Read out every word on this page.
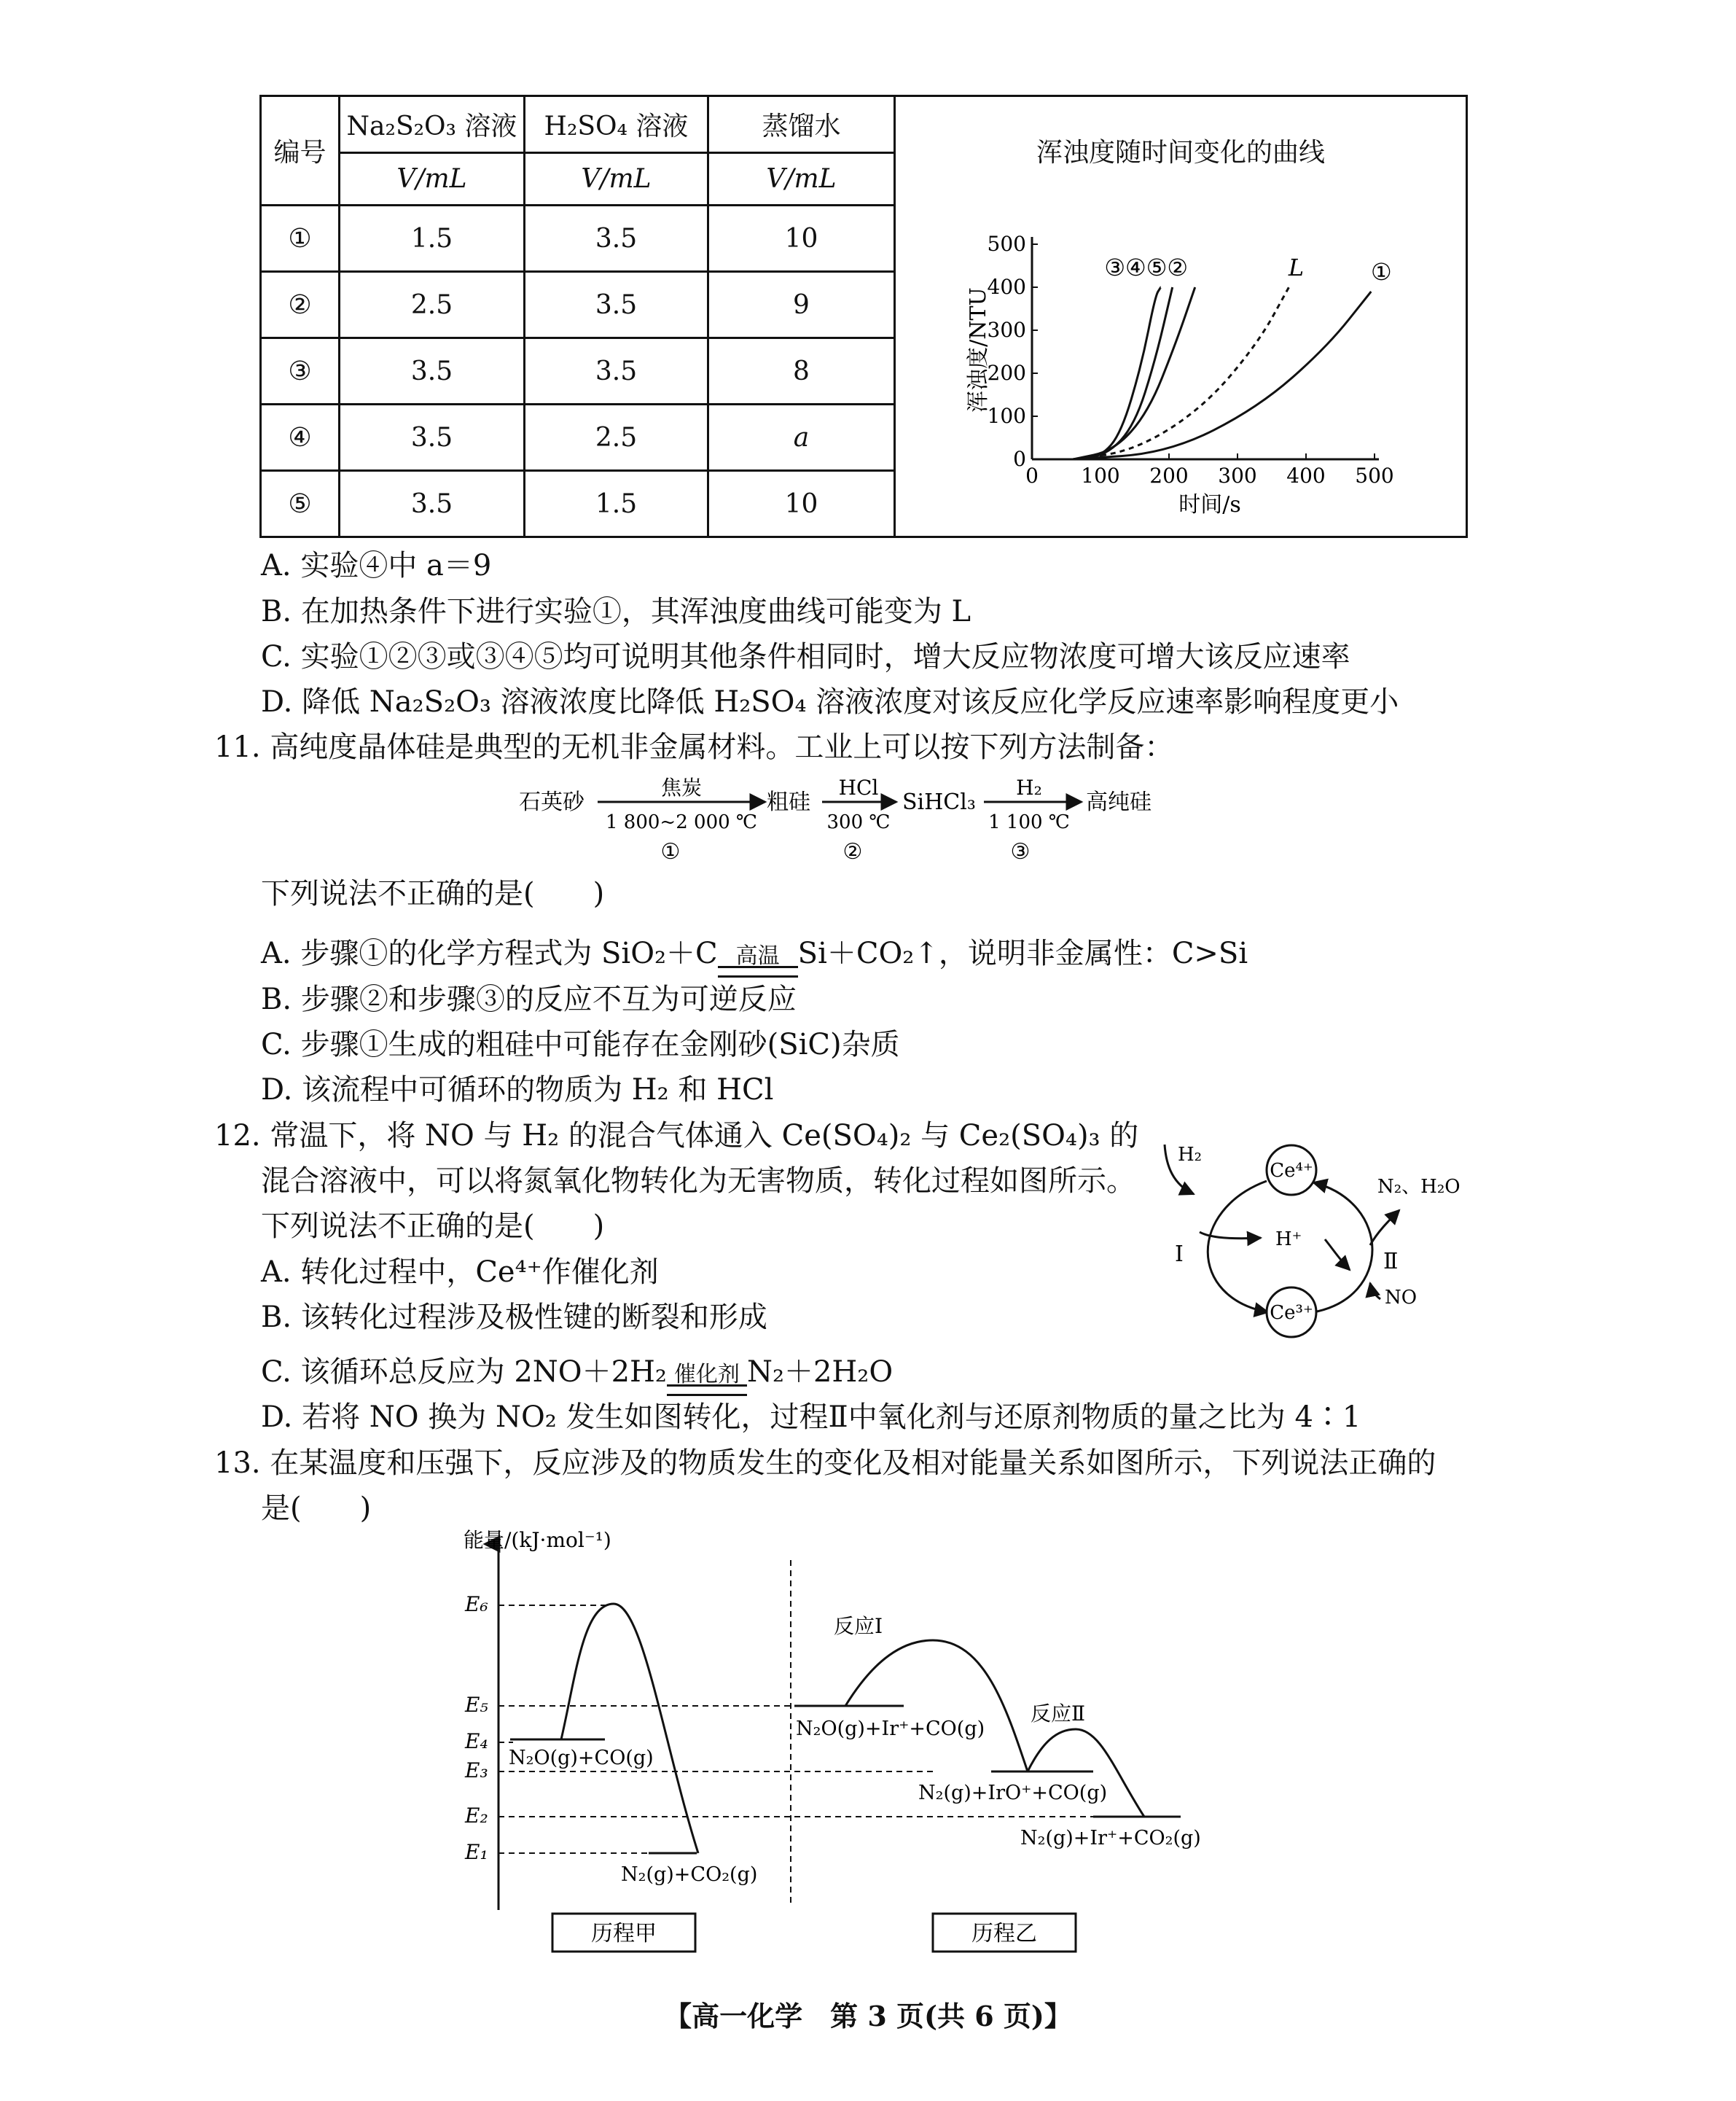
编号	Na₂S₂O₃ 溶液	H₂SO₄ 溶液	蒸馏水	浑浊度随时间变化的曲线

	V/mL	V/mL	V/mL	
①	1.5	3.5	10	
②	2.5	3.5	9	
③	3.5	3.5	8	
④	3.5	2.5	a	
⑤	3.5	1.5	10	
0 100 200 300 400 500
0
100
200
300
400
500
③④⑤②	L	①
时间/s
浑浊度/NTU
A. 实验④中 a＝9
B. 在加热条件下进行实验①，其浑浊度曲线可能变为 L
C. 实验①②③或③④⑤均可说明其他条件相同时，增大反应物浓度可增大该反应速率
D. 降低 Na₂S₂O₃ 溶液浓度比降低 H₂SO₄ 溶液浓度对该反应化学反应速率影响程度更小
11. 高纯度晶体硅是典型的无机非金属材料。工业上可以按下列方法制备：
石英砂
焦炭
1 800~2 000 ℃
①
粗硅
HCl
300 ℃
②
SiHCl₃
H₂
1 100 ℃
③
高纯硅
下列说法不正确的是(　　)
A. 步骤①的化学方程式为 SiO₂＋C 高温 Si＋CO₂↑，说明非金属性：C>Si
B. 步骤②和步骤③的反应不互为可逆反应
C. 步骤①生成的粗硅中可能存在金刚砂(SiC)杂质
D. 该流程中可循环的物质为 H₂ 和 HCl
12. 常温下，将 NO 与 H₂ 的混合气体通入 Ce(SO₄)₂ 与 Ce₂(SO₄)₃ 的
混合溶液中，可以将氮氧化物转化为无害物质，转化过程如图所示。
下列说法不正确的是(　　)
A. 转化过程中，Ce⁴⁺作催化剂
B. 该转化过程涉及极性键的断裂和形成
C. 该循环总反应为 2NO＋2H₂ 催化剂 N₂＋2H₂O
D. 若将 NO 换为 NO₂ 发生如图转化，过程Ⅱ中氧化剂与还原剂物质的量之比为 4∶1
Ce⁴⁺
Ce³⁺
H₂
H⁺
N₂、H₂O
NO
Ⅰ	Ⅱ
13. 在某温度和压强下，反应涉及的物质发生的变化及相对能量关系如图所示，下列说法正确的
是(　　)
能量/(kJ·mol⁻¹)
E₆
E₅
E₄
E₃
E₂
E₁
N₂O(g)+CO(g)
N₂(g)+CO₂(g)
反应Ⅰ
反应Ⅱ
N₂O(g)+Ir⁺+CO(g)
N₂(g)+IrO⁺+CO(g)
N₂(g)+Ir⁺+CO₂(g)
历程甲	历程乙
【高一化学　第 3 页(共 6 页)】
